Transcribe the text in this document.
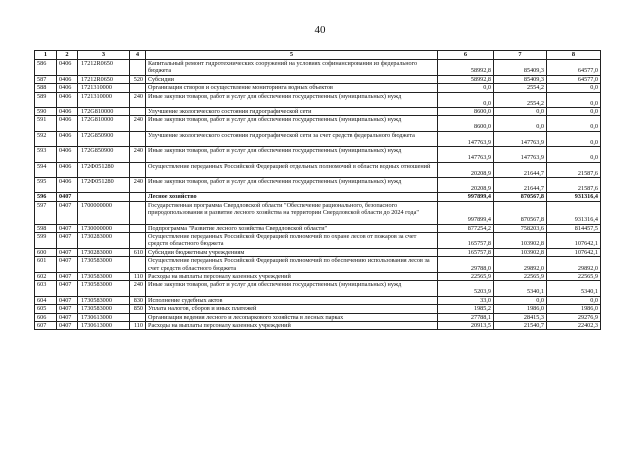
40
1	2	3	4	5	6	7	8
586	0406	17212R0650		Капитальный ремонт гидротехнических сооружений на условиях софинансирования из федерального бюджета	58992,8	85409,3	64577,0
587	0406	17212R0650	520	Субсидии	58992,8	85409,3	64577,0
588	0406	1721310000		Организация створов и осуществление мониторинга водных объектов	0,0	2554,2	0,0
589	0406	1721310000	240	Иные закупки товаров, работ и услуг для обеспечения государственных (муниципальных) нужд	0,0	2554,2	0,0
590	0406	172G810000		Улучшение экологического состояния гидрографической сети	8600,0	0,0	0,0
591	0406	172G810000	240	Иные закупки товаров, работ и услуг для обеспечения государственных (муниципальных) нужд	8600,0	0,0	0,0
592	0406	172G850900		Улучшение экологического состояния гидрографической сети за счет средств федерального бюджета	147763,9	147763,9	0,0
593	0406	172G850900	240	Иные закупки товаров, работ и услуг для обеспечения государственных (муниципальных) нужд	147763,9	147763,9	0,0
594	0406	172Ф051280		Осуществление переданных Российской Федерацией отдельных полномочий в области водных отношений	20208,9	21644,7	21587,6
595	0406	172Ф051280	240	Иные закупки товаров, работ и услуг для обеспечения государственных (муниципальных) нужд	20208,9	21644,7	21587,6
596	0407			Лесное хозяйство	997899,4	870567,8	931316,4
597	0407	1700000000		Государственная программа Свердловской области "Обеспечение рационального, безопасного природопользования и развитие лесного хозяйства на территории Свердловской области до 2024 года"	997899,4	870567,8	931316,4
598	0407	1730000000		Подпрограмма "Развитие лесного хозяйства Свердловской области"	877254,2	758203,6	814457,5
599	0407	1730283000		Осуществление переданных Российской Федерацией полномочий по охране лесов от пожаров за счет средств областного бюджета	165757,8	103902,8	107642,1
600	0407	1730283000	610	Субсидии бюджетным учреждениям	165757,8	103902,8	107642,1
601	0407	1730583000		Осуществление переданных Российской Федерацией полномочий по обеспечению использования лесов за счет средств областного бюджета	29788,0	29892,0	29892,0
602	0407	1730583000	110	Расходы на выплаты персоналу казенных учреждений	22565,9	22565,9	22565,9
603	0407	1730583000	240	Иные закупки товаров, работ и услуг для обеспечения государственных (муниципальных) нужд	5203,9	5340,1	5340,1
604	0407	1730583000	830	Исполнение судебных актов	33,0	0,0	0,0
605	0407	1730583000	850	Уплата налогов, сборов и иных платежей	1985,2	1986,0	1986,0
606	0407	1730613000		Организация ведения лесного и лесопаркового хозяйства в лесных парках	27788,1	28415,3	29276,9
607	0407	1730613000	110	Расходы на выплаты персоналу казенных учреждений	20913,5	21540,7	22402,3
